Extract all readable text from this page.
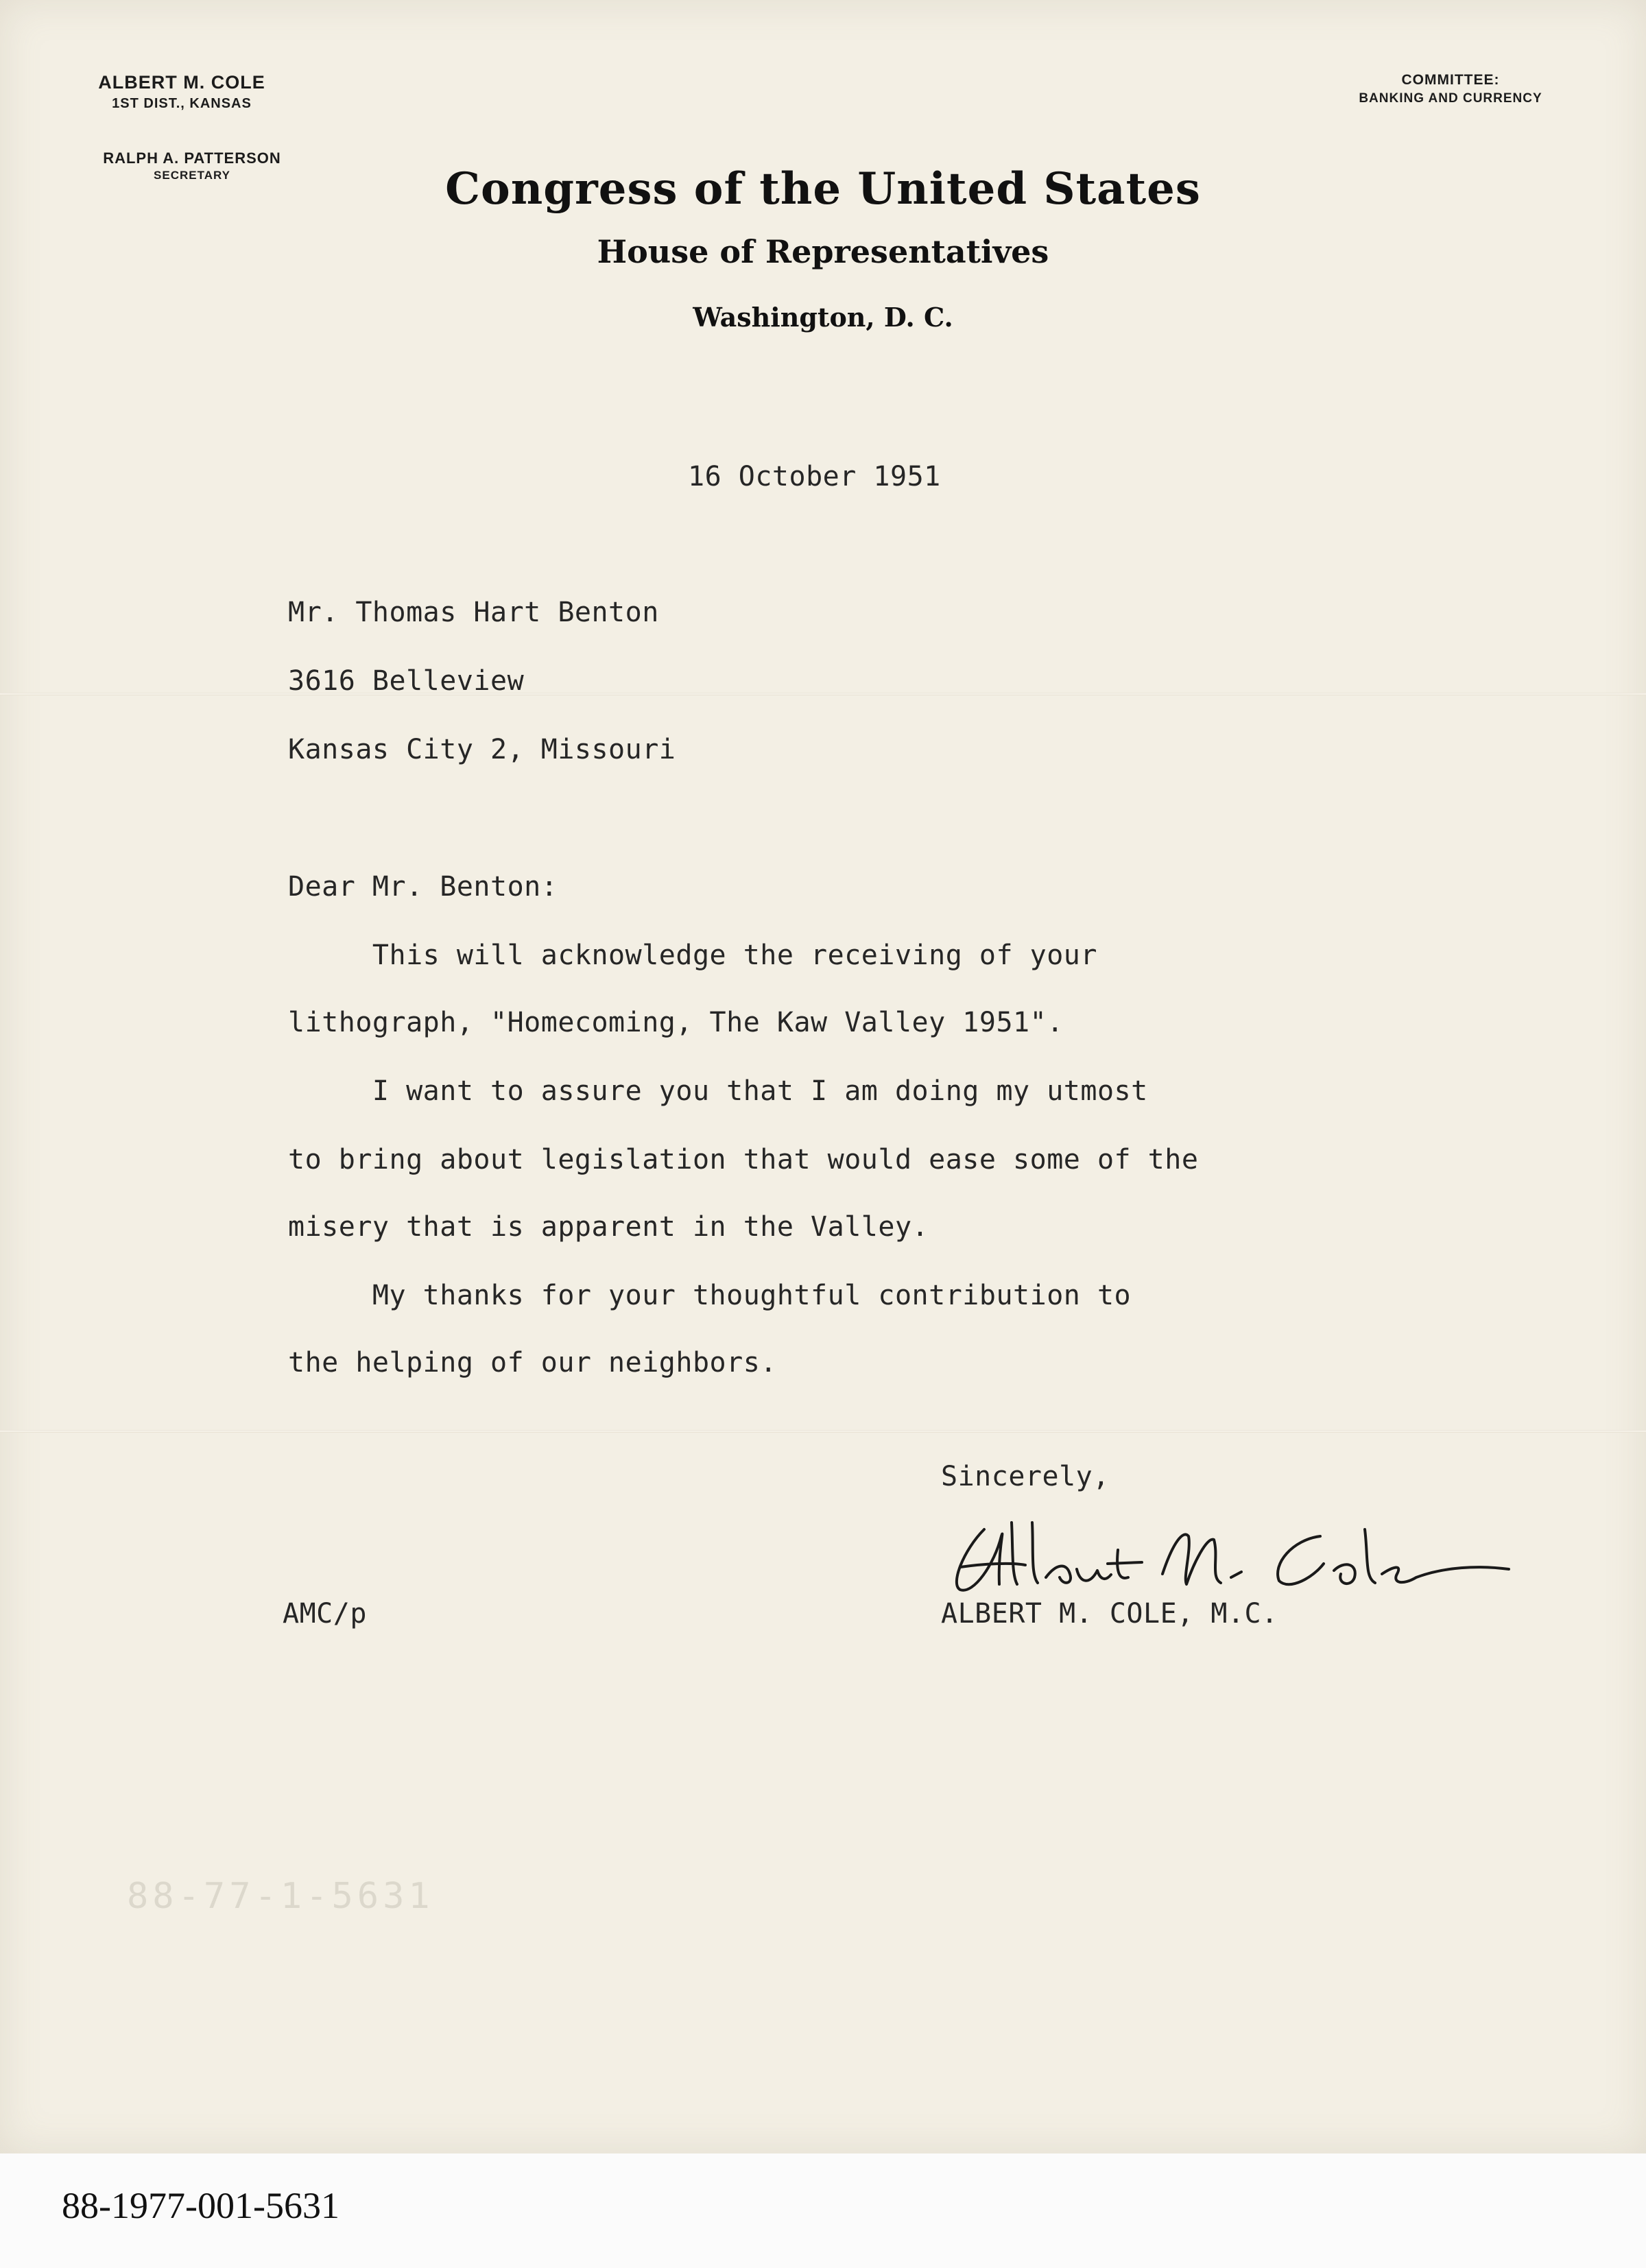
ALBERT M. COLE
1ST DIST., KANSAS
RALPH A. PATTERSON
SECRETARY
COMMITTEE:
BANKING AND CURRENCY
Congress of the United States
House of Representatives
Washington, D. C.
16 October 1951
Mr. Thomas Hart Benton
3616 Belleview
Kansas City 2, Missouri
Dear Mr. Benton:
This will acknowledge the receiving of your
lithograph, "Homecoming, The Kaw Valley 1951".
I want to assure you that I am doing my utmost
to bring about legislation that would ease some of the
misery that is apparent in the Valley.
My thanks for your thoughtful contribution to
the helping of our neighbors.
Sincerely,
ALBERT M. COLE, M.C.
AMC/p
88-77-1-5631
88-1977-001-5631
